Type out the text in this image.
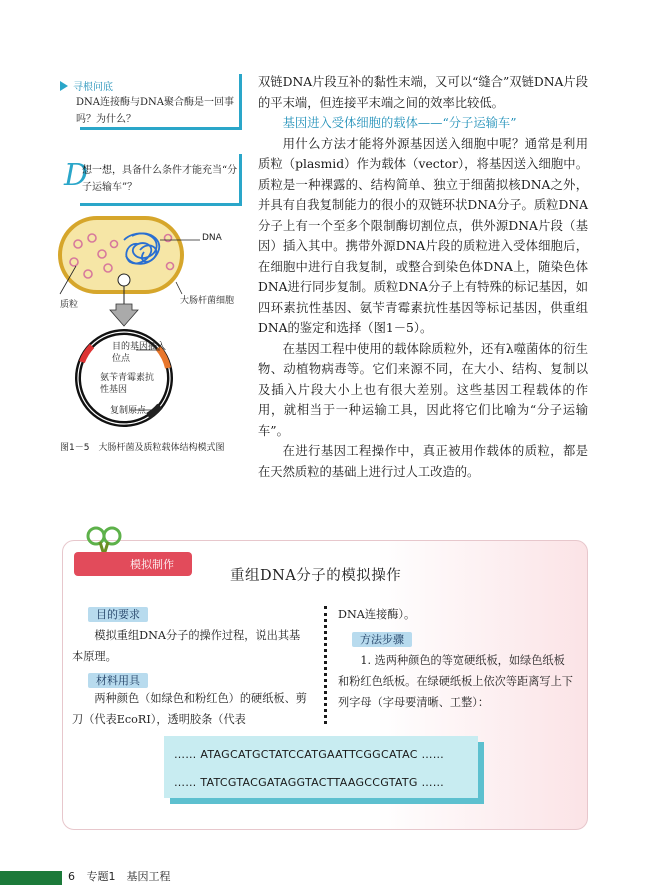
寻根问底
DNA连接酶与DNA聚合酶是一回事吗？为什么？
D
想一想，具备什么条件才能充当“分子运输车”？
DNA
质粒	大肠杆菌细胞
目的基因插入位点
氨苄青霉素抗性基因
复制原点
图1－5　大肠杆菌及质粒载体结构模式图

双链DNA片段互补的黏性末端，又可以“缝合”双链DNA片段的平末端，但连接平末端之间的效率比较低。

基因进入受体细胞的载体——“分子运输车”

用什么方法才能将外源基因送入细胞中呢？通常是利用质粒（plasmid）作为载体（vector），将基因送入细胞中。质粒是一种裸露的、结构简单、独立于细菌拟核DNA之外，并具有自我复制能力的很小的双链环状DNA分子。质粒DNA分子上有一个至多个限制酶切割位点，供外源DNA片段（基因）插入其中。携带外源DNA片段的质粒进入受体细胞后，在细胞中进行自我复制，或整合到染色体DNA上，随染色体DNA进行同步复制。质粒DNA分子上有特殊的标记基因，如四环素抗性基因、氨苄青霉素抗性基因等标记基因，供重组DNA的鉴定和选择（图1－5）。

在基因工程中使用的载体除质粒外，还有λ噬菌体的衍生物、动植物病毒等。它们来源不同，在大小、结构、复制以及插入片段大小上也有很大差别。这些基因工程载体的作用，就相当于一种运输工具，因此将它们比喻为“分子运输车”。

在进行基因工程操作中，真正被用作载体的质粒，都是在天然质粒的基础上进行过人工改造的。

模拟制作
重组DNA分子的模拟操作
目的要求
模拟重组DNA分子的操作过程，说出其基本原理。
材料用具
两种颜色（如绿色和粉红色）的硬纸板、剪刀（代表EcoRI），透明胶条（代表
DNA连接酶）。
方法步骤
1. 选两种颜色的等宽硬纸板，如绿色纸板和粉红色纸板。在绿硬纸板上依次等距离写上下列字母（字母要清晰、工整）：
…… ATAGCATGCTATCCATGAATTCGGCATAC ……
…… TATCGTACGATAGGTACTTAAGCCGTATG ……
6 专题1　基因工程
